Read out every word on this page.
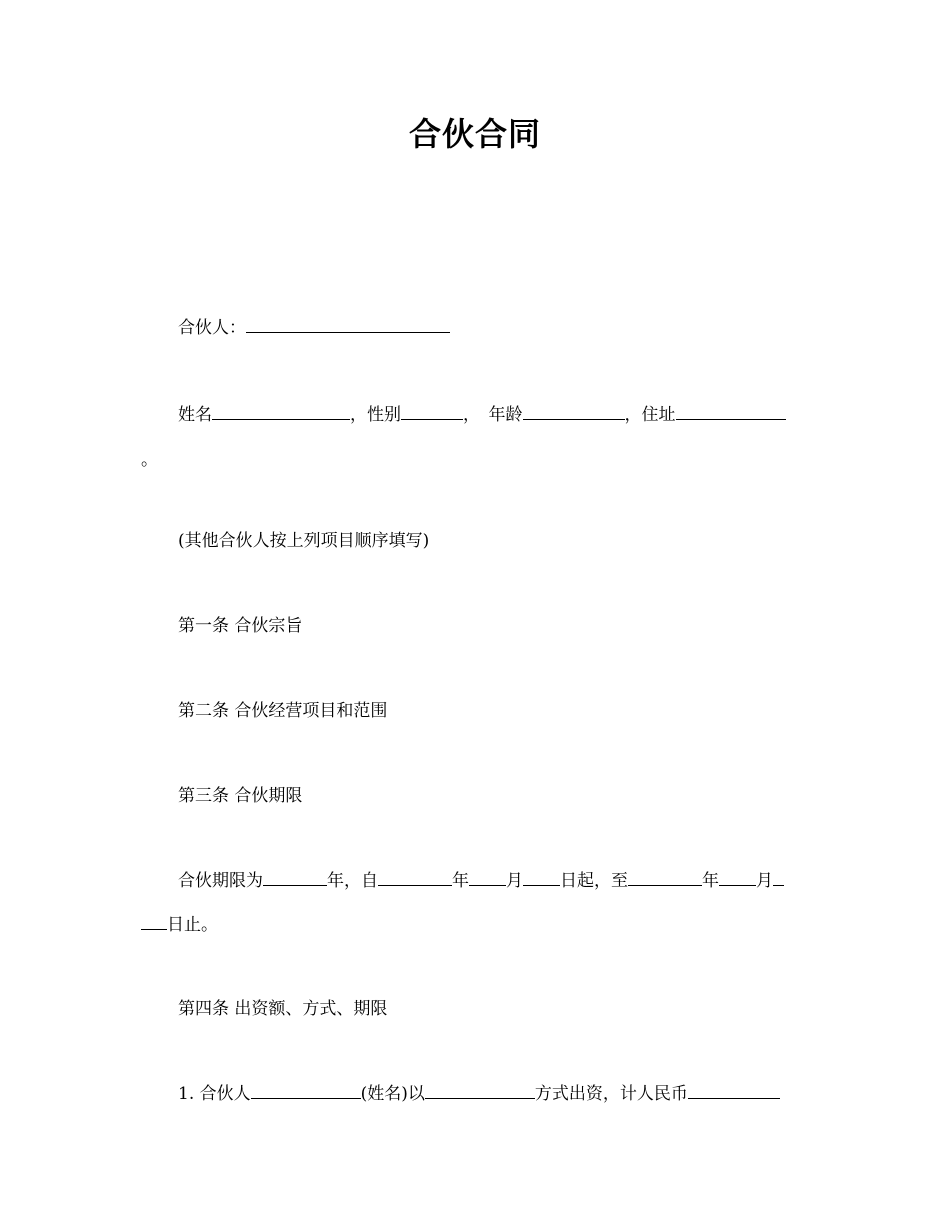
合伙合同
合伙人：
姓名	，性别	，　年龄	，住址
。
(其他合伙人按上列项目顺序填写)
第一条 合伙宗旨
第二条 合伙经营项目和范围
第三条 合伙期限
合伙期限为	年，自	年 月 日起，至	年 月
日止。
第四条 出资额、方式、期限
1. 合伙人	(姓名)以	方式出资，计人民币
